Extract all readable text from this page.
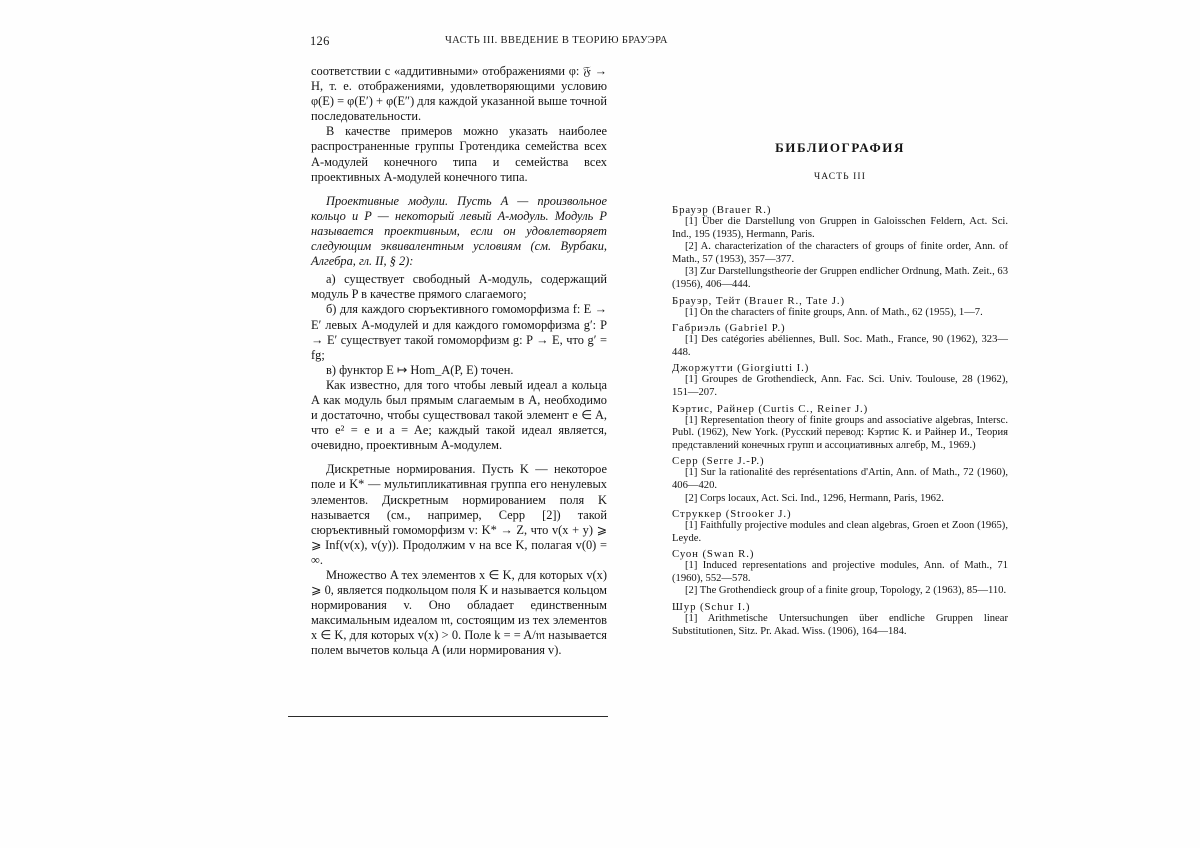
126	ЧАСТЬ III. ВВЕДЕНИЕ В ТЕОРИЮ БРАУЭРА

соответствии с «аддитивными» отображениями φ: 𝔉 → H, т. е. отображениями, удовлетворяющими условию φ(E) = φ(E′) + φ(E″) для каждой указанной выше точной последовательности.

В качестве примеров можно указать наиболее распространенные группы Гротендика семейства всех A-модулей конечного типа и семейства всех проективных A-модулей конечного типа.

Проективные модули. Пусть A — произвольное кольцо и P — некоторый левый A-модуль. Модуль P называется проективным, если он удовлетворяет следующим эквивалентным условиям (см. Вурбаки, Алгебра, гл. II, § 2):

а) существует свободный A-модуль, содержащий модуль P в качестве прямого слагаемого;

б) для каждого сюръективного гомоморфизма f: E → E′ левых A-модулей и для каждого гомоморфизма g′: P → E′ существует такой гомоморфизм g: P → E, что g′ = fg;

в) функтор E ↦ Hom_A(P, E) точен.

Как известно, для того чтобы левый идеал a кольца A как модуль был прямым слагаемым в A, необходимо и достаточно, чтобы существовал такой элемент e ∈ A, что e² = e и a = Ae; каждый такой идеал является, очевидно, проективным A-модулем.

Дискретные нормирования. Пусть K — некоторое поле и K* — мультипликативная группа его ненулевых элементов. Дискретным нормированием поля K называется (см., например, Серр [2]) такой сюръективный гомоморфизм v: K* → Z, что v(x + y) ⩾ ⩾ Inf(v(x), v(y)). Продолжим v на все K, полагая v(0) = ∞.

Множество A тех элементов x ∈ K, для которых v(x) ⩾ 0, является подкольцом поля K и называется кольцом нормирования v. Оно обладает единственным максимальным идеалом 𝔪, состоящим из тех элементов x ∈ K, для которых v(x) > 0. Поле k = = A/𝔪 называется полем вычетов кольца A (или нормирования v).

БИБЛИОГРАФИЯ
ЧАСТЬ III
Брауэр (Brauer R.)
[1] Über die Darstellung von Gruppen in Galoisschen Feldern, Act. Sci. Ind., 195 (1935), Hermann, Paris.
[2] A. characterization of the characters of groups of finite order, Ann. of Math., 57 (1953), 357—377.
[3] Zur Darstellungstheorie der Gruppen endlicher Ordnung, Math. Zeit., 63 (1956), 406—444.
Брауэр, Тейт (Brauer R., Tate J.)
[1] On the characters of finite groups, Ann. of Math., 62 (1955), 1—7.
Габриэль (Gabriel P.)
[1] Des catégories abéliennes, Bull. Soc. Math., France, 90 (1962), 323—448.
Джоржутти (Giorgiutti I.)
[1] Groupes de Grothendieck, Ann. Fac. Sci. Univ. Toulouse, 28 (1962), 151—207.
Кэртис, Райнер (Curtis C., Reiner J.)
[1] Representation theory of finite groups and associative algebras, Intersc. Publ. (1962), New York. (Русский перевод: Кэртис К. и Райнер И., Теория представлений конечных групп и ассоциативных алгебр, М., 1969.)
Серр (Serre J.-P.)
[1] Sur la rationalité des représentations d'Artin, Ann. of Math., 72 (1960), 406—420.
[2] Corps locaux, Act. Sci. Ind., 1296, Hermann, Paris, 1962.
Струккер (Strooker J.)
[1] Faithfully projective modules and clean algebras, Groen et Zoon (1965), Leyde.
Суон (Swan R.)
[1] Induced representations and projective modules, Ann. of Math., 71 (1960), 552—578.
[2] The Grothendieck group of a finite group, Topology, 2 (1963), 85—110.
Шур (Schur I.)
[1] Arithmetische Untersuchungen über endliche Gruppen linear Substitutionen, Sitz. Pr. Akad. Wiss. (1906), 164—184.
